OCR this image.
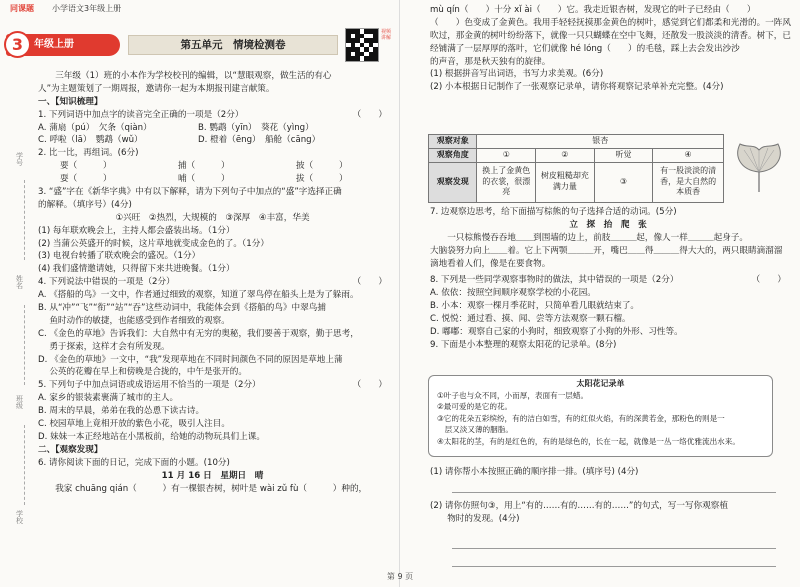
同课题 小学语文3年级上册
3	年级上册	第五单元　情境检测卷
视频讲解
学号
姓名
班级
学校
　　三年级（1）班的小本作为学校校刊的编辑，以“慧眼观察，做生活的有心
人”为主题策划了一期周报，邀请你一起为本期报刊建言献策。
一、【知识梳理】
1. 下列词语中加点字的读音完全正确的一项是（2分）	（　　）
A. 蒲扇（pú）　欠条（qiàn）	B. 鹦鹉（yīn）　葵花（yìng）
C. 呼啦（lā）　鹦鹉（wǔ）	D. 橙着（ēng）　船舱（cāng）
2. 比一比，再组词。(6分)
要（　　　）	捕（　　　）	披（　　　）
耍（　　　）	哺（　　　）	拔（　　　）
3. “盛”字在《新华字典》中有以下解释，请为下列句子中加点的“盛”字选择正确
的解释。（填序号）(4分)
①兴旺　②热烈，大规模的　③深厚　④丰富，华美
(1) 每年联欢晚会上，主持人都会盛装出场。（1分）
(2) 当蒲公英盛开的时候，这片草地就变成金色的了。（1分）
(3) 电视台转播了联欢晚会的盛况。（1分）
(4) 我们盛情邀请她，只得留下来共进晚餐。（1分）
4. 下列说法中错误的一项是（2分）	（　　）
A. 《搭船的鸟》一文中，作者通过细致的观察，知道了翠鸟停在船头上是为了躲雨。
B. 从“冲”“飞”“衔”“站”“吞”这些动词中，我能体会到《搭船的鸟》中翠鸟捕
　 鱼时动作的敏捷，也能感受到作者细致的观察。
C. 《金色的草地》告诉我们：大自然中有无穷的奥秘，我们要善于观察，勤于思考，
　 勇于探索，这样才会有所发现。
D. 《金色的草地》一文中，“我”发现草地在不同时间颜色不同的原因是草地上蒲
　 公英的花瓣在早上和傍晚是合拢的，中午是张开的。
5. 下列句子中加点词语或成语运用不恰当的一项是（2分）	（　　）
A. 家乡的银装素裹满了城市的主人。
B. 周末的早晨，弟弟在我的怂恿下读古诗。
C. 校园草地上竟相开放的紫色小花，吸引人注目。
D. 妹妹一本正经地站在小黑板前，给她的动物玩具们上课。
二、【观察发现】
6. 请你阅读下面的日记，完成下面的小题。(10分)
11 月 16 日　星期日　晴
　　我家 chuāng qián（　　　）有一棵银杏树，树叶是 wài zǔ fù（　　　）种的，
mù qín（　　）十分 xǐ ài（　　）它。我走近银杏树，发现它的叶子已经由（　　）
（　　）色变成了金黄色。我用手轻轻抚摸那金黄色的树叶，感觉到它们都柔和光滑的。一阵风
吹过，那金黄的树叶纷纷落下，就像一只只蝴蝶在空中飞舞，还散发一股淡淡的清香。树下，已
经铺满了一层厚厚的落叶，它们就像 hé lóng（　　）的毛毯，踩上去会发出沙沙
的声音，那是秋天独有的旋律。
(1) 根据拼音写出词语，书写力求美观。(6分)
(2) 小本根据日记制作了一张观察记录单，请你将观察记录单补充完整。(4分)
观察对象	银杏			
观察角度	①	②	听觉	④
观察发现	换上了金黄色的衣裳，很漂亮	树皮粗糙却充满力量	③	有一股淡淡的清香，是大自然的本质香
7. 边观察边思考，给下面描写棕熊的句子选择合适的动词。(5分)
立　探　抬　爬　张
　　一只棕熊慢吞吞地＿＿到围墙的边上，前肢＿＿＿起，像人一样＿＿＿起身子。
大脑袋努力向上＿＿着。它上下两颚＿＿＿开，嘴巴＿＿得＿＿＿得大大的，两只眼睛滴溜溜
滴地看着人们，像是在要食物。
8. 下列是一些同学观察事物时的做法，其中错误的一项是（2分）	（　　）
A. 依依：按照空间顺序观察学校的小花园。
B. 小本：观察一棵月季花时，只简单看几眼就结束了。
C. 悦悦：通过看、摸、闻、尝等方法观察一颗石榴。
D. 嘟嘟：观察自己家的小狗时，细致观察了小狗的外形、习性等。
9. 下面是小本整理的观察太阳花的记录单。(8分)
太阳花记录单
①叶子也与众不同，小而厚，表面有一层蜡。
②最可爱的是它的花。
③它的花朵五彩缤纷，有的洁白如雪，有的红似火焰，有的深黄若金，那粉色的则是一
　层又淡又薄的胭脂。
④太阳花的茎，有的是红色的，有的是绿色的，长在一起，就像是一丛一络优雅流出水来。
(1) 请你帮小本按照正确的顺序排一排。(填序号) (4分)
(2) 请你仿照句③，用上“有的……有的……有的……”的句式，写一写你观察植
　　物时的发现。(4分)
第 9 页
